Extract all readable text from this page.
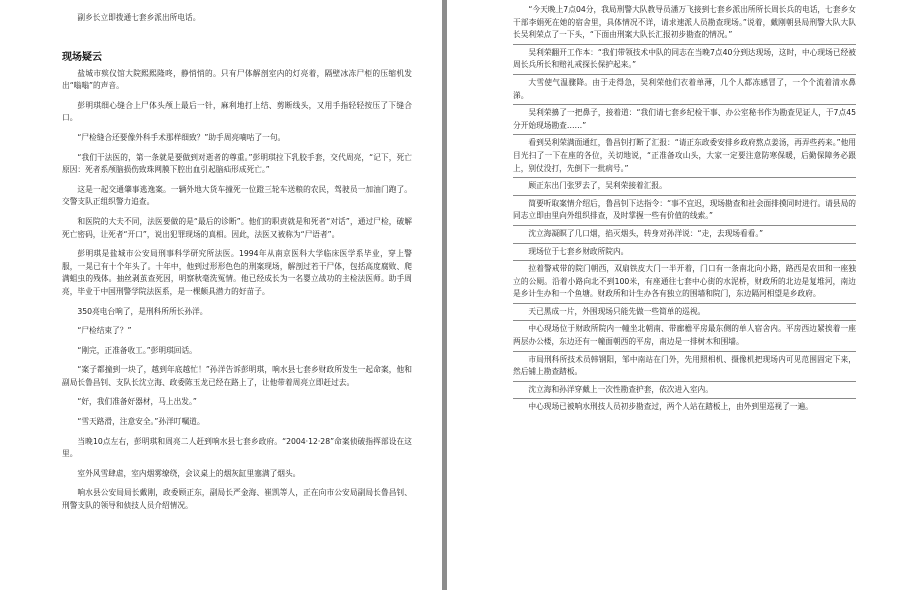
副乡长立即拨通七套乡派出所电话。

现场疑云

盐城市殡仪馆大院熙熙隆咚，静悄悄的。只有尸体解剖室内的灯亮着，隔壁冰冻尸柜的压缩机发出“嗡嗡”的声音。

彭明琪细心缝合上尸体头颅上最后一针，麻利地打上结、剪断线头，又用手指轻轻按压了下缝合口。

“尸检缝合还要像外科手术那样细致？”助手周亮嘀咕了一句。

“我们干法医的，第一条就是要做到对逝者的尊重。”彭明琪拉下乳胶手套，交代周亮，“记下，死亡原因：死者系颅脑损伤致珠网膜下腔出血引起脑疝形成死亡。”

这是一起交通肇事逃逸案。一辆外地大货车撞死一位蹬三轮车送粮的农民，驾驶员一加油门跑了。交警支队正组织警力追查。

和医院的大夫不同，法医要做的是“最后的诊断”。他们的职责就是和死者“对话”，通过尸检，破解死亡密码，让死者“开口”，说出犯罪现场的真相。因此，法医又被称为“尸语者”。

彭明琪是盐城市公安局刑事科学研究所法医。1994年从南京医科大学临床医学系毕业，穿上警服，一晃已有十个年头了。十年中，他到过形形色色的刑案现场，解剖过若干尸体，包括高度腐败、爬满蛆虫的残体。抽丝剥茧查死因，明察秋毫洗冤情。他已经成长为一名婴立战功的主检法医师。助手周亮，毕业于中国刑警学院法医系，是一棵颇具潜力的好苗子。

350亮电台响了，是刑科所所长孙洋。

“尸检结束了？”

“刚完，正准备收工。”彭明琪回话。

“案子都撞到一块了，越到年底越忙！”孙洋告诉彭明琪，响水县七套乡财政所发生一起命案，他和副局长鲁昌钊、支队长沈立海、政委陈玉龙已经在路上了，让他带着周亮立即赶过去。

“好，我们准备好器材，马上出发。”

“雪天路滑，注意安全。”孙洋叮嘱道。

当晚10点左右，彭明琪和周亮二人赶到响水县七套乡政府。“2004·12·28”命案侦破指挥部设在这里。

室外风雪肆虐，室内烟雾缭绕，会议桌上的烟灰缸里塞满了烟头。

响水县公安局局长戴刚，政委顾正东，副局长严金海、崔凯等人，正在向市公安局副局长鲁昌钊、刑警支队的领导和侦技人员介绍情况。

“今天晚上7点04分，我局刑警大队教导员潘万飞接到七套乡派出所所长周长兵的电话，七套乡女干部李娟死在她的宿舍里，具体情况不详，请求速派人员勘查现场。”说着，戴刚朝县局刑警大队大队长吴利荣点了一下头，“下面由刑案大队长汇报初步勘查的情况。”

吴利荣翻开工作本：“我们带领技术中队的同志在当晚7点40分到达现场，这时，中心现场已经被周长兵所长和赔礼戒探长保护起来。”

大雪使气温骤降。由于走得急，吴利荣他们衣着单薄，几个人都冻感冒了，一个个流着清水鼻涕。

吴利荣擤了一把鼻子，接着道：“我们请七套乡纪检干事、办公室秘书作为勘查见证人，于7点45分开始现场勘查……”

看到吴利荣满面通红，鲁昌钊打断了汇报：“请正东政委安排乡政府熬点姜汤，再弄些药来。”他用目光扫了一下在座的各位，关切地说，“正准备攻山头，大家一定要注意防寒保暖，后勤保障务必跟上，别仗没打，先倒下一批病号。”

顾正东出门张罗去了，吴利荣接着汇报。

简要听取案情介绍后，鲁昌钊下达指令：“事不宜迟，现场勘查和社会面排摸同时进行。请县局的同志立即由里向外组织排查，及时掌握一些有价值的线索。”

沈立海凝瞑了几口烟，掐灭烟头，转身对孙洋说：“走，去现场看看。”

现场位于七套乡财政所院内。

拉着警戒带的院门朝西，双扇铁皮大门一半开着，门口有一条南北向小路，路西是农田和一座独立的公厕。沿着小路向北不到100米，有座通往七套中心街的水泥桥，财政所的北边是复堆河，南边是乡计生办和一个鱼塘。财政所和计生办各有独立的围墙和院门，东边隔河相望是乡政府。

天已黑成一片，外围现场只能先做一些简单的巡视。

中心现场位于财政所院内一幢坐北朝南、带廊檐平房最东侧的单人宿舍内。平房西边紧挨着一座两层办公楼，东边还有一幢面朝西的平房，南边是一排树木和围墙。

市局刑科所技术员韩钢阳，邹中南站在门外，先用照相机、摄像机把现场内可见范围固定下来，然后铺上勘查踏板。

沈立海和孙洋穿戴上一次性勘查护套，依次进入室内。

中心现场已被响水刑技人员初步勘查过，两个人站在踏板上，由外到里巡视了一遍。
